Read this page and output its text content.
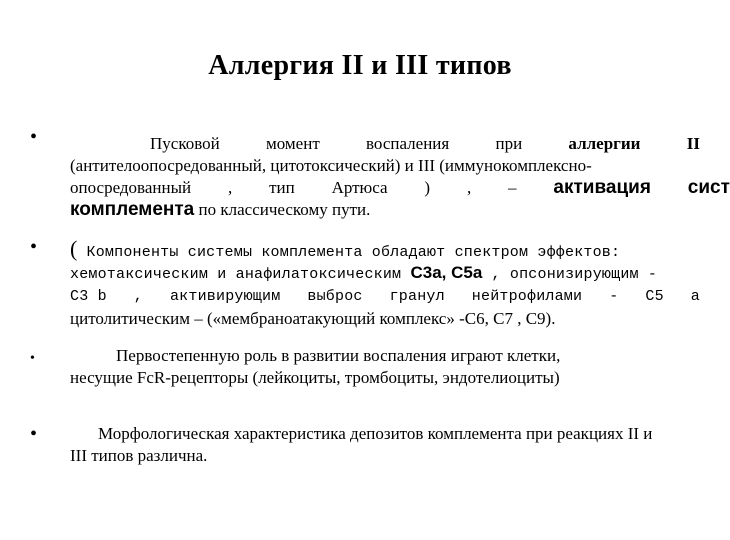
Аллергия II и III типов
•	Пусковой	момент	воспаления	при	аллергии	II
(антителоопосредованный, цитотоксический) и III (иммунокомплексно-
опосредованный , тип Артюса ) , – активация сист
комплемента по классическому пути.
• ( Компоненты системы комплемента обладают спектром эффектов:
хемотаксическим и анафилатоксическим С3а, С5а , опсонизирующим -
С3 b , активирующим выброс гранул нейтрофилами - С5 а
цитолитическим – («мембраноатакующий комплекс» -С6, С7 , С9).
•	Первостепенную роль в развитии воспаления играют клетки,
несущие FcR-рецепторы (лейкоциты, тромбоциты, эндотелиоциты)
•	Морфологическая характеристика депозитов комплемента при реакциях II и
III типов различна.
